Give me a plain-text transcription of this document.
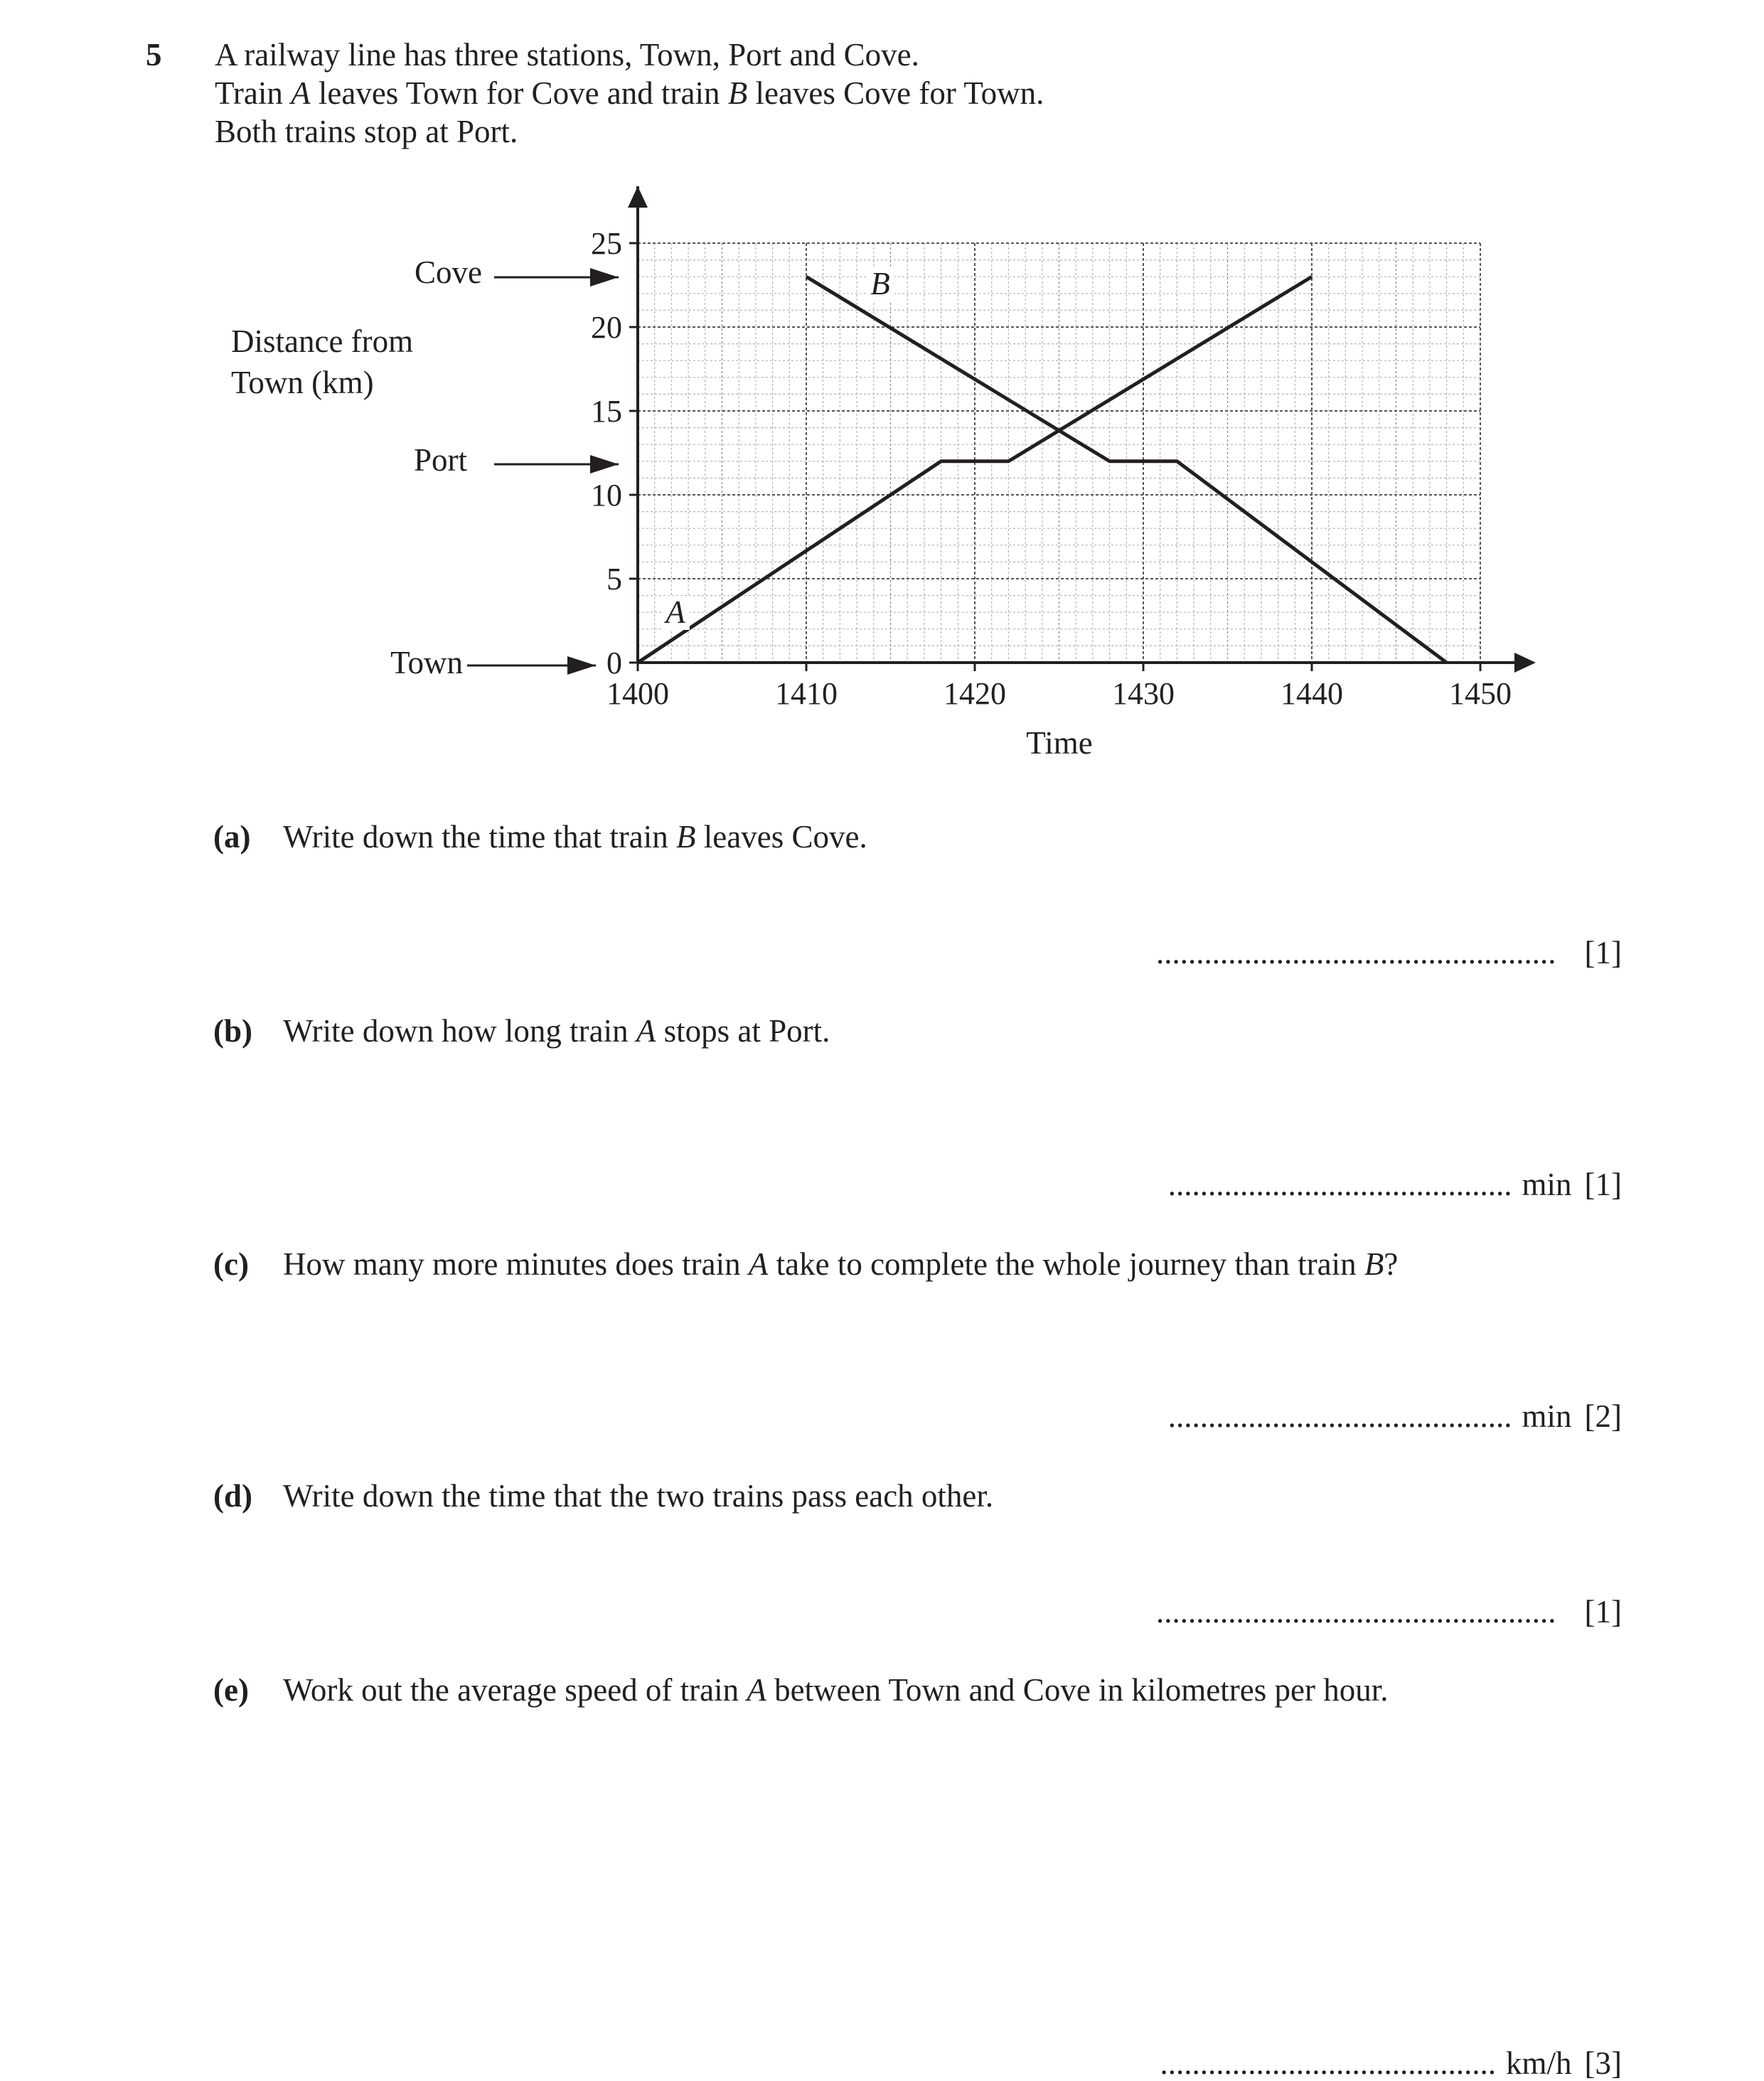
5 A railway line has three stations, Town, Port and Cove.
Train A leaves Town for Cove and train B leaves Cove for Town.
Both trains stop at Port.
0
5
10
15
20
25
1400	1410	1420	1430	1440	1450
Time
Distance from
Town (km)
Cove
Port
Town
A
B
(a) Write down the time that train B leaves Cove.
.................................................. [1]
(b) Write down how long train A stops at Port.
........................................... min [1]
(c) How many more minutes does train A take to complete the whole journey than train B?
........................................... min [2]
(d) Write down the time that the two trains pass each other.
.................................................. [1]
(e) Work out the average speed of train A between Town and Cove in kilometres per hour.
.......................................... km/h [3]
